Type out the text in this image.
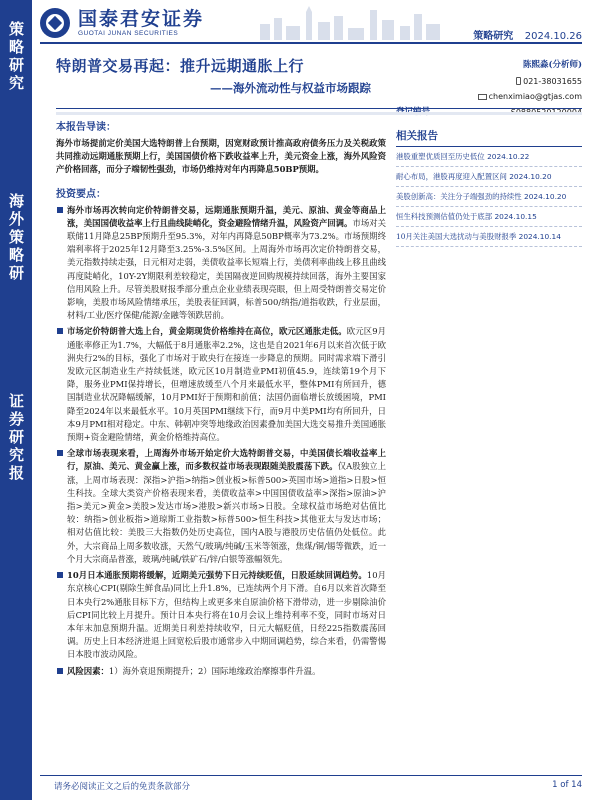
策略研究
海外策略研
证券研究报
国泰君安证券
GUOTAI JUNAN SECURITIES	策略研究 2024.10.26
特朗普交易再起：推升远期通胀上行
——海外流动性与权益市场跟踪
陈熙淼(分析师)
021-38031655
chenximiao@gtjas.com
本报告导读：
海外市场提前定价美国大选特朗普上台预期，因宽财政预计推高政府债务压力及关税政策共同推动远期通胀预期上行，美国国债价格下跌收益率上升，美元资金上涨，海外风险资产价格回落，而分子端韧性强劲，市场仍维持对年内再降息50BP预期。
投资要点：
海外市场再次转向定价特朗普交易，远期通胀预期升温，美元、原油、黄金等商品上涨，美国国债收益率上行且曲线陡峭化，资金避险情绪升温，风险资产回调。市场对关联储11月降息25BP预期升至95.3%，对年内再降息50BP概率为73.2%。市场预期终端利率将于2025年12月降至3.25%-3.5%区间。上周海外市场再次定价特朗普交易，美元指数持续走强，日元相对走弱，美债收益率长短端上行，美债利率曲线上移且曲线再度陡峭化，10Y-2Y期限利差较稳定，美国隔夜逆回购规模持续回落，海外主要国家信用风险上升。尽管美股财报季部分重点企业业绩表现亮眼，但上周受特朗普交易定价影响，美股市场风险情绪承压，美股表征回调，标普500/纳指/道指收跌，行业层面，材料/工业/医疗保健/能源/金融等领跌居前。
市场定价特朗普大选上台，黄金期现货价格维持在高位，欧元区通胀走低。欧元区9月通胀率修正为1.7%，大幅低于8月通胀率2.2%，这也是自2021年6月以来首次低于欧洲央行2%的目标，强化了市场对于欧央行在接连一步降息的预期。同时需求端下滑引发欧元区制造业生产持续低迷，欧元区10月制造业PMI初值45.9，连续第19个月下降，服务业PMI保持增长，但增速放缓至八个月来最低水平，整体PMI有所回升，德国制造业状况降幅缓解，10月PMI好于预期和前值；法国仍面临增长放缓困境，PMI降至2024年以来最低水平。10月英国PMI继续下行，而9月中美PMI均有所回升，日本9月PMI相对稳定。中东、韩朝冲突等地缘政治因素叠加美国大选交易推升美国通胀预期+资金避险情绪，黄金价格维持高位。
全球市场表现来看，上周海外市场开始定价大选特朗普交易，中美国债长端收益率上行，原油、美元、黄金赢上涨，而多数权益市场表现跟随美股震荡下跌。仅A股独立上涨，上周市场表现：深指>沪指>纳指>创业板>标普500>英国市场>道指>日股>恒生科技。全球大类资产价格表现来看，美债收益率>中国国债收益率>深指>原油>沪指>美元>黄金>美股>发达市场>港股>新兴市场>日股。全球权益市场绝对估值比较：纳指>创业板指>道琼斯工业指数>标普500>恒生科技>其他亚太与发达市场；相对估值比较：美股三大指数仍处历史高位，国内A股与港股历史估值仍处低位。此外，大宗商品上周多数收涨，天然气/玻璃/纯碱/玉米等领涨，焦煤/铜/锡等微跌，近一个月大宗商品普涨，玻璃/纯碱/铁矿石/锌/白银等涨幅领先。
10月日本通胀预期将缓解，近期美元强势下日元持续贬值，日股延续回调趋势。10月东京核心CPI(剔除生鲜食品)同比上升1.8%，已连续两个月下滑。自6月以来首次降至日本央行2%通胀目标下方，但结构上或更多来自原油价格下滑带动，进一步剔除油价后CPI同比较上月提升。预计日本央行将在10月会议上维持利率不变，同时市场对日本年末加息预期升温。近期美日利差持续收窄，日元大幅贬值，日经225指数震荡回调。历史上日本经济进退上回宽松后股市通常步入中期回调趋势，综合来看，仍需警惕日本股市波动风险。
风险因素：1）海外衰退预期提升；2）国际地缘政治摩擦事件升温。
相关报告
港股重塑优质回至历史低位 2024.10.22
耐心布局，港股再度迎入配置区间 2024.10.20
美股创新高：关注分子端强劲的持续性 2024.10.20
恒生科技预测估值仍处于底部 2024.10.15
10月关注美国大选扰动与美股财报季 2024.10.14
请务必阅读正文之后的免责条款部分	1 of 14
